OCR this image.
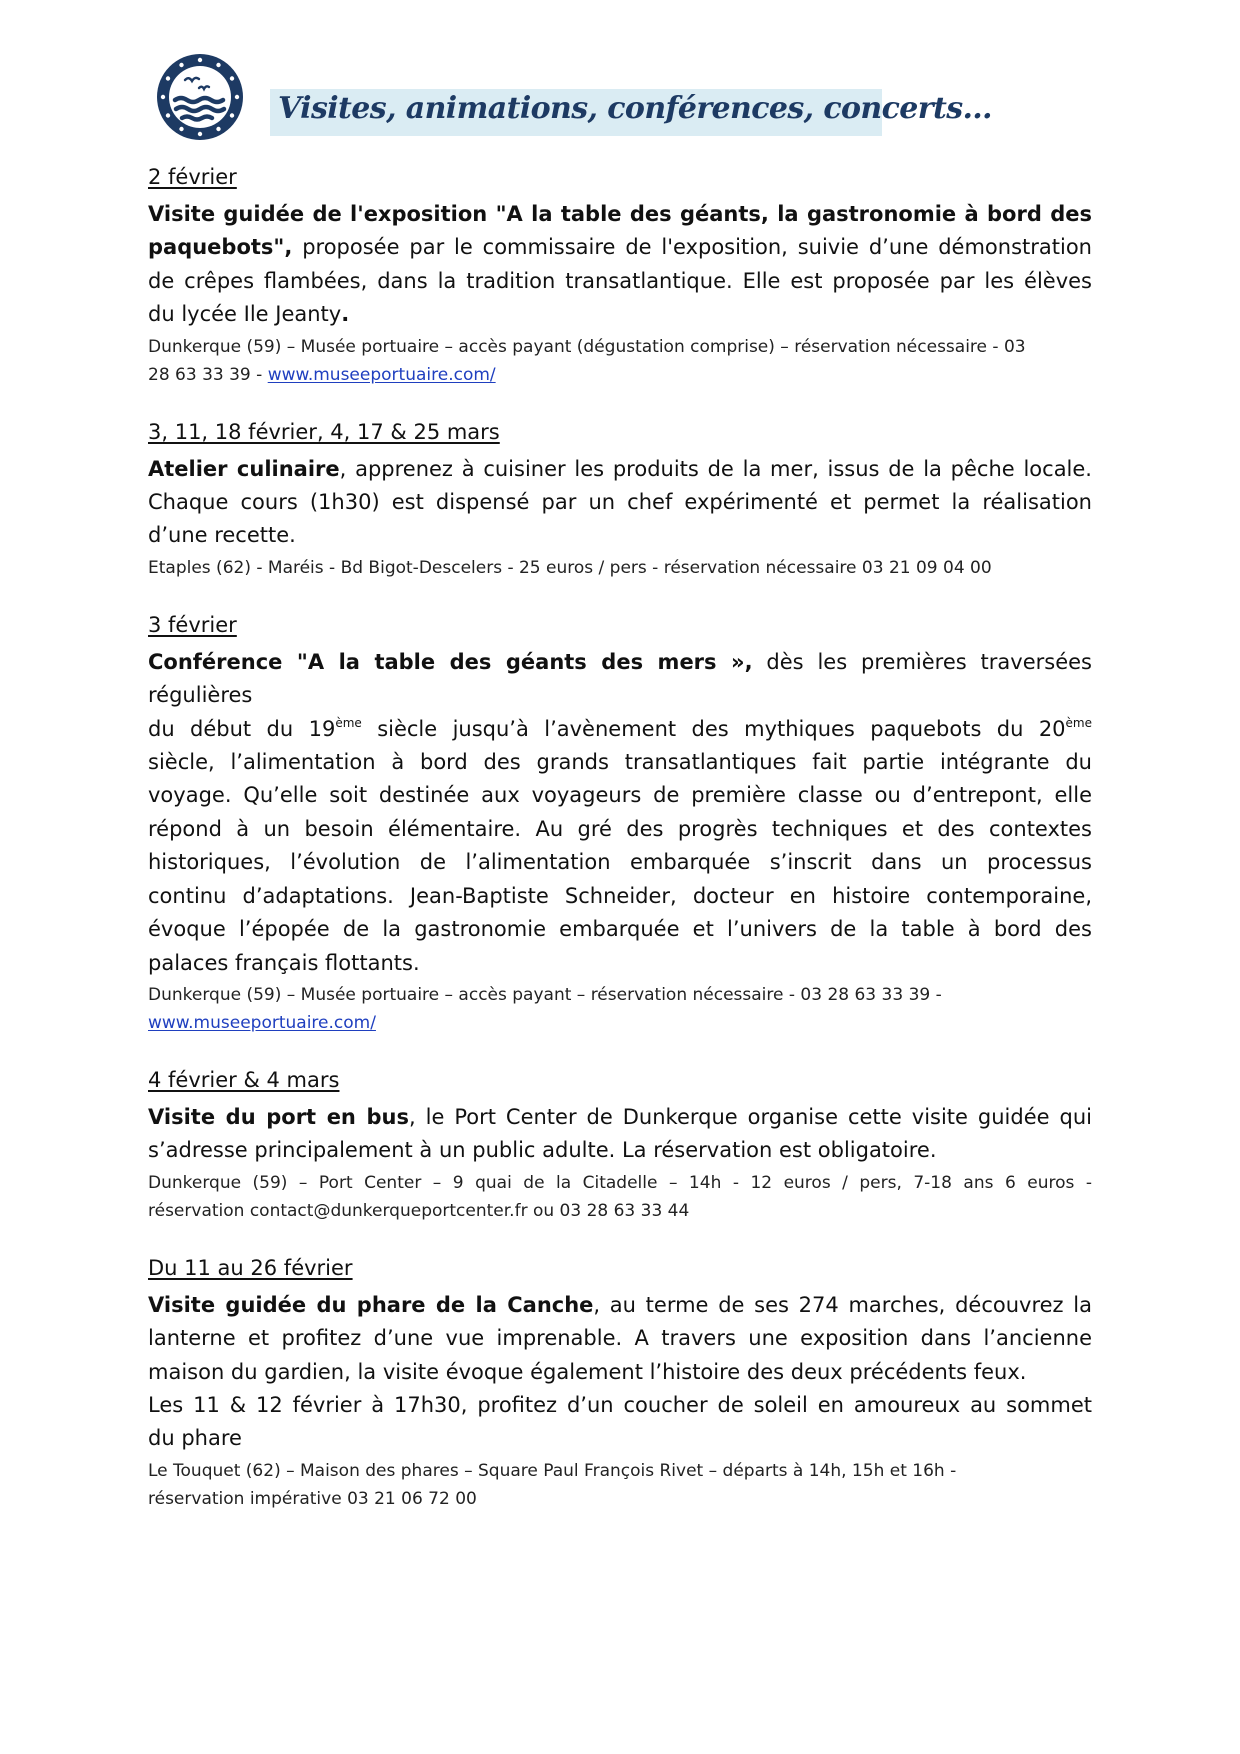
Visites, animations, conférences, concerts…
2 février
Visite guidée de l'exposition "A la table des géants, la gastronomie à bord des
paquebots", proposée par le commissaire de l'exposition, suivie d’une démonstration
de crêpes flambées, dans la tradition transatlantique. Elle est proposée par les élèves
du lycée Ile Jeanty.
Dunkerque (59) – Musée portuaire – accès payant (dégustation comprise) – réservation nécessaire - 03
28 63 33 39 - www.museeportuaire.com/
3, 11, 18 février, 4, 17 & 25 mars
Atelier culinaire, apprenez à cuisiner les produits de la mer, issus de la pêche locale.
Chaque cours (1h30) est dispensé par un chef expérimenté et permet la réalisation
d’une recette.
Etaples (62) - Maréis - Bd Bigot-Descelers - 25 euros / pers - réservation nécessaire 03 21 09 04 00
3 février
Conférence "A la table des géants des mers », dès les premières traversées régulières
du début du 19ème siècle jusqu’à l’avènement des mythiques paquebots du 20ème
siècle, l’alimentation à bord des grands transatlantiques fait partie intégrante du
voyage. Qu’elle soit destinée aux voyageurs de première classe ou d’entrepont, elle
répond à un besoin élémentaire. Au gré des progrès techniques et des contextes
historiques, l’évolution de l’alimentation embarquée s’inscrit dans un processus
continu d’adaptations. Jean-Baptiste Schneider, docteur en histoire contemporaine,
évoque l’épopée de la gastronomie embarquée et l’univers de la table à bord des
palaces français flottants.
Dunkerque (59) – Musée portuaire – accès payant – réservation nécessaire - 03 28 63 33 39 -
www.museeportuaire.com/
4 février & 4 mars
Visite du port en bus, le Port Center de Dunkerque organise cette visite guidée qui
s’adresse principalement à un public adulte. La réservation est obligatoire.
Dunkerque (59) – Port Center – 9 quai de la Citadelle – 14h - 12 euros / pers, 7-18 ans 6 euros -
réservation contact@dunkerqueportcenter.fr ou 03 28 63 33 44
Du 11 au 26 février
Visite guidée du phare de la Canche, au terme de ses 274 marches, découvrez la
lanterne et profitez d’une vue imprenable. A travers une exposition dans l’ancienne
maison du gardien, la visite évoque également l’histoire des deux précédents feux.
Les 11 & 12 février à 17h30, profitez d’un coucher de soleil en amoureux au sommet
du phare
Le Touquet (62) – Maison des phares – Square Paul François Rivet – départs à 14h, 15h et 16h -
réservation impérative 03 21 06 72 00
